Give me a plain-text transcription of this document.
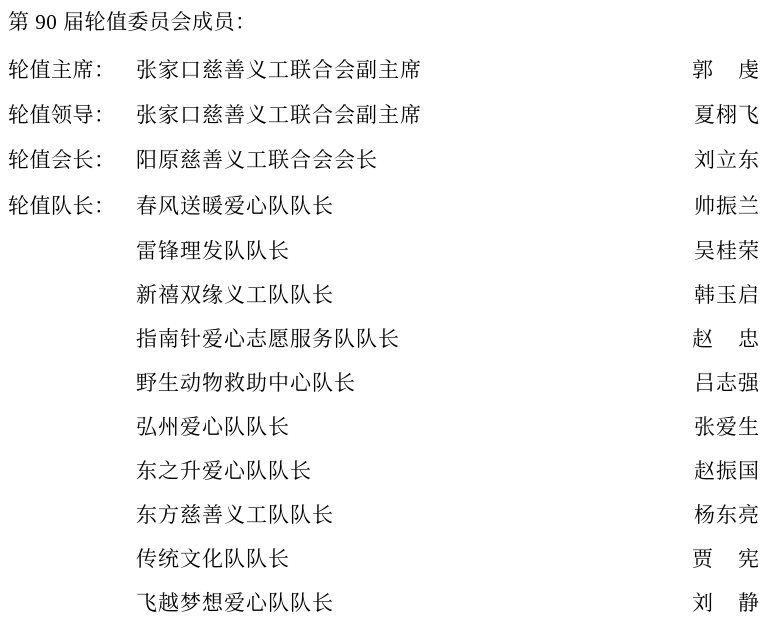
第 90 届轮值委员会成员：
轮值主席： 张家口慈善义工联合会副主席	郭 虔
轮值领导： 张家口慈善义工联合会副主席	夏栩飞
轮值会长： 阳原慈善义工联合会会长	刘立东
轮值队长： 春风送暖爱心队队长	帅振兰
雷锋理发队队长	吴桂荣
新禧双缘义工队队长	韩玉启
指南针爱心志愿服务队队长	赵 忠
野生动物救助中心队长	吕志强
弘州爱心队队长	张爱生
东之升爱心队队长	赵振国
东方慈善义工队队长	杨东亮
传统文化队队长	贾 宪
飞越梦想爱心队队长	刘 静
